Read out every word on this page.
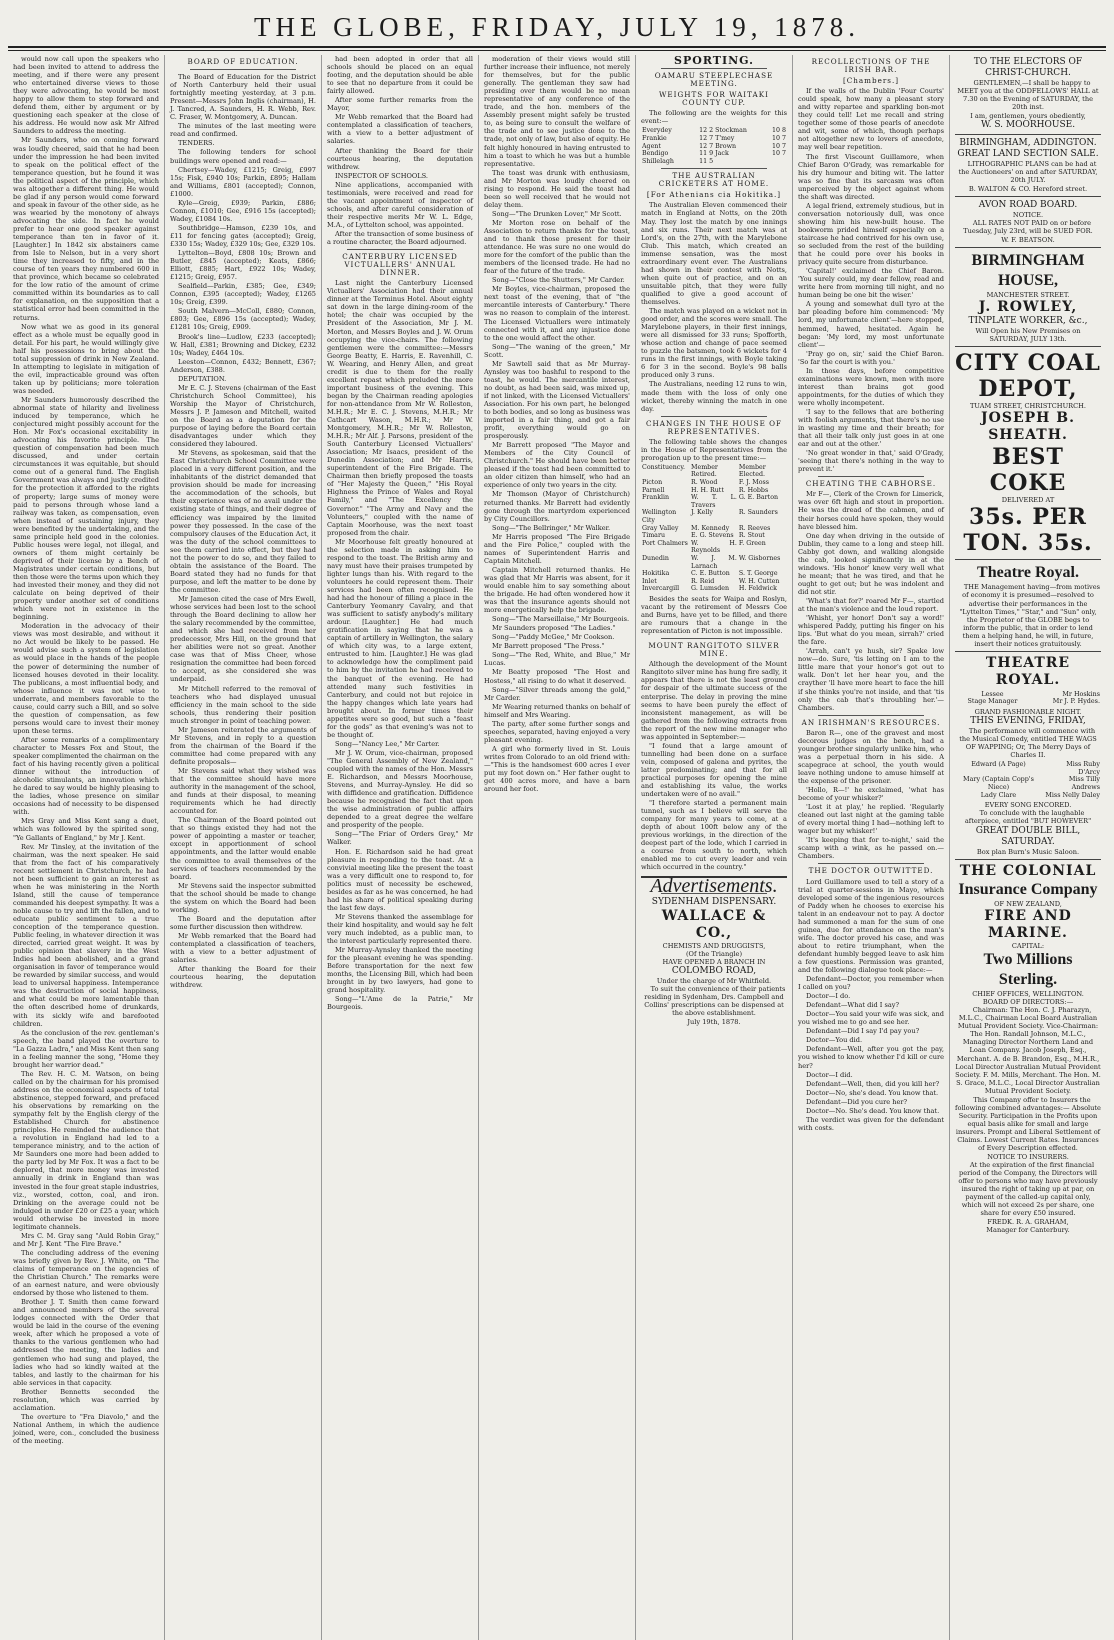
THE GLOBE, FRIDAY, JULY 19, 1878.

would now call upon the speakers who had been invited to attend to address the meeting, and if there were any present who entertained diverse views to those they were advocating, he would be most happy to allow them to step forward and defend them, either by argument or by questioning each speaker at the close of his address. He would now ask Mr Alfred Saunders to address the meeting.

Mr Saunders, who on coming forward was loudly cheered, said that he had been under the impression he had been invited to speak on the political effect of the temperance question, but he found it was the political aspect of the principle, which was altogether a different thing. He would be glad if any person would come forward and speak in favour of the other side, as he was wearied by the monotony of always advocating the side. In fact he would prefer to hear one good speaker against temperance than ten in favor of it. [Laughter.] In 1842 six abstainers came from Isle to Nelson, but in a very short time they increased to fifty, and in the course of ten years they numbered 600 in that province, which became so celebrated for the low ratio of the amount of crime committed within its boundaries as to call for explanation, on the supposition that a statistical error had been committed in the returns.

Now what we as good in its general effect as a whole must be equally good in detail. For his part, he would willingly give half his possessions to bring about the total suppression of drink in New Zealand. In attempting to legislate in mitigation of the evil, impracticable ground was often taken up by politicians; more toleration was needed.

Mr Saunders humorously described the abnormal state of hilarity and liveliness induced by temperance, which he conjectured might possibly account for the Hon. Mr Fox's occasional excitability in advocating his favorite principle. The question of compensation had been much discussed, and under certain circumstances it was equitable, but should come out of a general fund. The English Government was always and justly credited for the protection it afforded to the rights of property; large sums of money were paid to persons through whose land a railway was taken, as compensation, even when instead of sustaining injury, they were benefited by the undertaking, and the same principle held good in the colonies. Public houses were legal, not illegal, and owners of them might certainly be deprived of their license by a Bench of Magistrates under certain conditions, but then those were the terms upon which they had invested their money, and they did not calculate on being deprived of their property under another set of conditions which were not in existence in the beginning.

Moderation in the advocacy of their views was most desirable, and without it no Act would be likely to be passed. He would advise such a system of legislation as would place in the hands of the people the power of determining the number of licensed houses devoted in their locality. The publicans, a most influential body, and whose influence it was not wise to underrate, and members favorable to the cause, could carry such a Bill, and so solve the question of compensation, as few persons would care to invest their money upon these terms.

After some remarks of a complimentary character to Messrs Fox and Stout, the speaker complimented the chairman on the fact of his having recently given a political dinner without the introduction of alcoholic stimulants, an innovation which he dared to say would be highly pleasing to the ladies, whose presence on similar occasions had of necessity to be dispensed with.

Mrs Gray and Miss Kent sang a duet, which was followed by the spirited song, "Ye Gallants of England," by Mr J. Kent.

Rev. Mr Tinsley, at the invitation of the chairman, was the next speaker. He said that from the fact of his comparatively recent settlement in Christchurch, he had not been sufficient to gain an interest as when he was ministering in the North Island, still the cause of temperance commanded his deepest sympathy. It was a noble cause to try and lift the fallen, and to educate public sentiment to a true conception of the temperance question. Public feeling, in whatever direction it was directed, carried great weight. It was by public opinion that slavery in the West Indies had been abolished, and a grand organisation in favor of temperance would be rewarded by similar success, and would lead to universal happiness. Intemperance was the destruction of social happiness, and what could be more lamentable than the often described home of drunkards, with its sickly wife and barefooted children.

As the conclusion of the rev. gentleman's speech, the band played the overture to "La Gazza Ladra," and Miss Kent then sang in a feeling manner the song, "Home they brought her warrior dead."

The Rev. H. C. M. Watson, on being called on by the chairman for his promised address on the economical aspects of total abstinence, stepped forward, and prefaced his observations by remarking on the sympathy felt by the English clergy of the Established Church for abstinence principles. He reminded the audience that a revolution in England had led to a temperance ministry, and to the action of Mr Saunders one more had been added to the party led by Mr Fox. It was a fact to be deplored, that more money was invested annually in drink in England than was invested in the four great staple industries, viz., worsted, cotton, coal, and iron. Drinking on the average could not be indulged in under £20 or £25 a year, which would otherwise be invested in more legitimate channels.

Mrs C. M. Gray sang "Auld Robin Gray," and Mr J. Kent "The Fire Brave."

The concluding address of the evening was briefly given by Rev. J. White, on "The claims of temperance on the agencies of the Christian Church." The remarks were of an earnest nature, and were obviously endorsed by those who listened to them.

Brother J. T. Smith then came forward and announced members of the several lodges connected with the Order that would be laid in the course of the evening week, after which he proposed a vote of thanks to the various gentlemen who had addressed the meeting, the ladies and gentlemen who had sung and played, the ladies who had so kindly waited at the tables, and lastly to the chairman for his able services in that capacity.

Brother Bennetts seconded the resolution, which was carried by acclamation.

The overture to "Fra Diavolo," and the National Anthem, in which the audience joined, were, con., concluded the business of the meeting.

BOARD OF EDUCATION.

The Board of Education for the District of North Canterbury held their usual fortnightly meeting yesterday, at 3 p.m. Present—Messrs John Inglis (chairman), H. J. Tancred, A. Saunders, H. R. Webb, Rev. C. Fraser, W. Montgomery, A. Duncan.

The minutes of the last meeting were read and confirmed.

TENDERS.

The following tenders for school buildings were opened and read:—

Chertsey—Wadey, £1215; Greig, £997 15s; Fisk, £940 10s; Parkin, £895; Hallam and Williams, £801 (accepted); Connon, £1000.

Kyle—Greig, £939; Parkin, £886; Connon, £1010; Gee, £916 15s (accepted); Wadey, £1084 10s.

Southbridge—Hamson, £239 10s, and £11 for fencing gates (accepted); Greig, £330 15s; Wadey, £329 10s; Gee, £329 10s.

Lyttelton—Boyd, £808 10s; Brown and Butler, £845 (accepted); Keats, £866; Elliott, £885; Hart, £922 10s; Wadey, £1215; Greig, £957.

Sealfield—Parkin, £385; Gee, £349; Connon, £395 (accepted); Wadey, £1265 10s; Greig, £399.

South Malvern—McColl, £880; Connon, £803; Gee, £896 15s (accepted); Wadey, £1281 10s; Greig, £909.

Brook's line—Ludlow, £233 (accepted); W. Hall, £381; Browning and Dickey, £232 10s; Wadey, £464 10s.

Leeston—Connon, £432; Bennett, £367; Anderson, £388.

DEPUTATION.

Mr E. C. J. Stevens (chairman of the East Christchurch School Committee), his Worship the Mayor of Christchurch, Messrs J. P. Jameson and Mitchell, waited on the Board as a deputation for the purpose of laying before the Board certain disadvantages under which they considered they laboured.

Mr Stevens, as spokesman, said that the East Christchurch School Committee were placed in a very different position, and the inhabitants of the district demanded that provision should be made for increasing the accommodation of the schools, but their experience was of no avail under the existing state of things, and their degree of efficiency was impaired by the limited power they possessed. In the case of the compulsory clauses of the Education Act, it was the duty of the school committees to see them carried into effect, but they had not the power to do so, and they failed to obtain the assistance of the Board. The Board stated they had no funds for that purpose, and left the matter to be done by the committee.

Mr Jameson cited the case of Mrs Ewell, whose services had been lost to the school through the Board declining to allow her the salary recommended by the committee, and which she had received from her predecessor, Mrs Hill, on the ground that her abilities were not so great. Another case was that of Miss Cheer, whose resignation the committee had been forced to accept, as she considered she was underpaid.

Mr Mitchell referred to the removal of teachers who had displayed unusual efficiency in the main school to the side schools, thus rendering their position much stronger in point of teaching power.

Mr Jameson reiterated the arguments of Mr Stevens, and in reply to a question from the chairman of the Board if the committee had come prepared with any definite proposals—

Mr Stevens said what they wished was that the committee should have more authority in the management of the school, and funds at their disposal, to meaning requirements which he had directly accounted for.

The Chairman of the Board pointed out that so things existed they had not the power of appointing a master or teacher, except in apportionment of school appointments, and the latter would enable the committee to avail themselves of the services of teachers recommended by the board.

Mr Stevens said the inspector submitted that the school should be made to change the system on which the Board had been working.

The Board and the deputation after some further discussion then withdrew.

Mr Webb remarked that the Board had contemplated a classification of teachers, with a view to a better adjustment of salaries.

After thanking the Board for their courteous hearing, the deputation withdrew.

had been adopted in order that all schools should be placed on an equal footing, and the deputation should be able to see that no departure from it could be fairly allowed.

After some further remarks from the Mayor,

Mr Webb remarked that the Board had contemplated a classification of teachers, with a view to a better adjustment of salaries.

After thanking the Board for their courteous hearing, the deputation withdrew.

INSPECTOR OF SCHOOLS.

Nine applications, accompanied with testimonials, were received and read for the vacant appointment of inspector of schools, and after careful consideration of their respective merits Mr W. L. Edge, M.A., of Lyttelton school, was appointed.

After the transaction of some business of a routine character, the Board adjourned.

CANTERBURY LICENSED VICTUALLERS' ANNUAL DINNER.

Last night the Canterbury Licensed Victuallers' Association had their annual dinner at the Terminus Hotel. About eighty sat down in the large dining-room of the hotel; the chair was occupied by the President of the Association, Mr J. M. Morton, and Messrs Boyles and J. W. Orum occupying the vice-chairs. The following gentlemen were the committee:—Messrs George Beatty, E. Harris, E. Ravenhill, C. W. Wearing, and Henry Allen, and great credit is due to them for the really excellent repast which preluded the more important business of the evening. This began by the Chairman reading apologies for non-attendance from Mr W. Rolleston, M.H.R.; Mr E. C. J. Stevens, M.H.R.; Mr Cathcart Wason, M.H.R.; Mr W. Montgomery, M.H.R.; Mr W. Rolleston, M.H.R.; Mr Alf. J. Parsons, president of the South Canterbury Licensed Victuallers' Association; Mr Isaacs, president of the Dunedin Association; and Mr Harris, superintendent of the Fire Brigade. The Chairman then briefly proposed the toasts of "Her Majesty the Queen," "His Royal Highness the Prince of Wales and Royal Family," and "The Excellency the Governor." "The Army and Navy and the Volunteers," coupled with the name of Captain Moorhouse, was the next toast proposed from the chair.

Mr Moorhouse felt greatly honoured at the selection made in asking him to respond to the toast. The British army and navy must have their praises trumpeted by lighter lungs than his. With regard to the volunteers he could represent them. Their services had been often recognised. He had had the honour of filling a place in the Canterbury Yeomanry Cavalry, and that was sufficient to satisfy anybody's military ardour. [Laughter.] He had much gratification in saying that he was a captain of artillery in Wellington, the salary of which city was, to a large extent, entrusted to him. [Laughter.] He was glad to acknowledge how the compliment paid to him by the invitation he had received to the banquet of the evening. He had attended many such festivities in Canterbury, and could not but rejoice in the happy changes which late years had brought about. In former times their appetites were so good, but such a "feast for the gods" as that evening's was not to be thought of.

Song—"Nancy Lee," Mr Carter.

Mr J. W. Orum, vice-chairman, proposed "The General Assembly of New Zealand," coupled with the names of the Hon. Messrs E. Richardson, and Messrs Moorhouse, Stevens, and Murray-Aynsley. He did so with diffidence and gratification. Diffidence because he recognised the fact that upon the wise administration of public affairs depended to a great degree the welfare and prosperity of the people.

Song—"The Friar of Orders Grey," Mr Walker.

Hon. E. Richardson said he had great pleasure in responding to the toast. At a convivial meeting like the present the toast was a very difficult one to respond to, for politics must of necessity be eschewed, besides as far as he was concerned, he had had his share of political speaking during the last few days.

Mr Stevens thanked the assemblage for their kind hospitality, and would say he felt very much indebted, as a public man, to the interest particularly represented there.

Mr Murray-Aynsley thanked the meeting for the pleasant evening he was spending. Before transportation for the next few months, the Licensing Bill, which had been brought in by two lawyers, had gone to grand hospitality.

Song—"L'Ame de la Patrie," Mr Bourgeois.

moderation of their views would still further increase their influence, not merely for themselves, but for the public generally. The gentleman they saw had presiding over them would be no mean representative of any conference of the trade, and the hon. members of the Assembly present might safely be trusted to, as being sure to consult the welfare of the trade and to see justice done to the trade, not only of law, but also of equity. He felt highly honoured in having entrusted to him a toast to which he was but a humble representative.

The toast was drunk with enthusiasm, and Mr Morton was loudly cheered on rising to respond. He said the toast had been so well received that he would not delay them.

Song—"The Drunken Lover," Mr Scott.

Mr Morton rose on behalf of the Association to return thanks for the toast, and to thank those present for their attendance. He was sure no one would do more for the comfort of the public than the members of the licensed trade. He had no fear of the future of the trade.

Song—"Close the Shutters," Mr Carder.

Mr Boyles, vice-chairman, proposed the next toast of the evening, that of "the mercantile interests of Canterbury." There was no reason to complain of the interest. The Licensed Victuallers were intimately connected with it, and any injustice done to the one would affect the other.

Song—"The waning of the green," Mr Scott.

Mr Sawtell said that as Mr Murray-Aynsley was too bashful to respond to the toast, he would. The mercantile interest, no doubt, as had been said, was mixed up, if not linked, with the Licensed Victuallers' Association. For his own part, he belonged to both bodies, and so long as business was imported in a fair thing, and got a fair profit, everything would go on prosperously.

Mr Barrett proposed "The Mayor and Members of the City Council of Christchurch." He should have been better pleased if the toast had been committed to an older citizen than himself, who had an experience of only two years in the city.

Mr Thomson (Mayor of Christchurch) returned thanks. Mr Barrett had evidently gone through the martyrdom experienced by City Councillors.

Song—"The Bellringer," Mr Walker.

Mr Harris proposed "The Fire Brigade and the Fire Police," coupled with the names of Superintendent Harris and Captain Mitchell.

Captain Mitchell returned thanks. He was glad that Mr Harris was absent, for it would enable him to say something about the brigade. He had often wondered how it was that the insurance agents should not more energetically help the brigade.

Song—"The Marseillaise," Mr Bourgeois.

Mr Saunders proposed "The Ladies."

Song—"Paddy McGee," Mr Cookson.

Mr Barrett proposed "The Press."

Song—"The Red, White, and Blue," Mr Lucas.

Mr Beatty proposed "The Host and Hostess," all rising to do what it deserved.

Song—"Silver threads among the gold," Mr Carder.

Mr Wearing returned thanks on behalf of himself and Mrs Wearing.

The party, after some further songs and speeches, separated, having enjoyed a very pleasant evening.

A girl who formerly lived in St. Louis writes from Colorado to an old friend with:—"This is the handsomest 600 acres I ever put my foot down on." Her father ought to get 400 acres more, and have a barn around her foot.

SPORTING.
OAMARU STEEPLECHASE MEETING.
WEIGHTS FOR WAITAKI COUNTY CUP.

The following are the weights for this event:—

Everydey	12 2	Stockman	10 8
Frankie	12 7	T'mey	10 7
Agent	12 7	Brown	10 7
Bendigo	11 9	Jack	10 7
Shillelagh	11 5		
THE AUSTRALIAN CRICKETERS AT HOME.
[For Athenians cia Hokitika.]

The Australian Eleven commenced their match in England at Notts, on the 20th May. They lost the match by one innings and six runs. Their next match was at Lord's, on the 27th, with the Marylebone Club. This match, which created an immense sensation, was the most extraordinary event ever. The Australians had shown in their contest with Notts, when quite out of practice, and on an unsuitable pitch, that they were fully qualified to give a good account of themselves.

The match was played on a wicket not in good order, and the scores were small. The Marylebone players, in their first innings, were all dismissed for 33 runs; Spofforth, whose action and change of pace seemed to puzzle the batsmen, took 6 wickets for 4 runs in the first innings, with Boyle taking 6 for 3 in the second. Boyle's 98 balls produced only 3 runs.

The Australians, needing 12 runs to win, made them with the loss of only one wicket, thereby winning the match in one day.

CHANGES IN THE HOUSE OF REPRESENTATIVES.

The following table shows the changes in the House of Representatives from the prorogation up to the present time:—

Constituency.	Member Retired.	Member Elected.
Picton	R. Wood	F. J. Moss
Parnell	H. H. Rutt	R. Hobbs
Franklin	W. T. L. Travers	G. E. Barton
Wellington City	J. Kelly	R. Saunders
Gray Valley	M. Kennedy	R. Reeves
Timaru	E. G. Stevens	R. Stout
Port Chalmers	W. H. Reynolds	F. Green
Dunedin	W. J. M. Larnach	W. Gisbornes
Hokitika	C. E. Button	S. T. George
Inlet	R. Reid	W. H. Cutten
Invercargill	G. Lumsden	H. Feldwick

Besides the seats for Waipa and Roslyn, vacant by the retirement of Messrs Coe and Burns, have yet to be filled, and there are rumours that a change in the representation of Picton is not impossible.

MOUNT RANGITOTO SILVER MINE.

Although the development of the Mount Rangitoto silver mine has hung fire sadly, it appears that there is not the least ground for despair of the ultimate success of the enterprise. The delay in proving the mine seems to have been purely the effect of inconsistent management, as will be gathered from the following extracts from the report of the new mine manager who was appointed in September:—

"I found that a large amount of tunnelling had been done on a surface vein, composed of galena and pyrites, the latter predominating; and that for all practical purposes for opening the mine and establishing its value, the works undertaken were of no avail."

"I therefore started a permanent main tunnel, such as I believe will serve the company for many years to come, at a depth of about 100ft below any of the previous workings, in the direction of the deepest part of the lode, which I carried in a course from south to north, which enabled me to cut every leader and vein which occurred in the country."

Advertisements.
SYDENHAM DISPENSARY.
WALLACE & CO.,
CHEMISTS AND DRUGGISTS,
(Of the Triangle)
HAVE OPENED A BRANCH IN
COLOMBO ROAD,
Under the charge of Mr Whitfield.

To suit the convenience of their patients residing in Sydenham, Drs. Campbell and Collins' prescriptions can be dispensed at the above establishment.

July 19th, 1878.
RECOLLECTIONS OF THE IRISH BAR.
[Chambers.]

If the walls of the Dublin 'Four Courts' could speak, how many a pleasant story and witty repartee and sparkling bon-mot they could tell! Let me recall and string together some of those pearls of anecdote and wit, some of which, though perhaps not altogether new to lovers of anecdote, may well bear repetition.

The first Viscount Guillamore, when Chief Baron O'Grady, was remarkable for his dry humour and biting wit. The latter was so fine that its sarcasm was often unperceived by the object against whom the shaft was directed.

A legal friend, extremely studious, but in conversation notoriously dull, was once showing him his new-built house. The bookworm prided himself especially on a staircase he had contrived for his own use, so secluded from the rest of the building that he could pore over his books in privacy quite secure from disturbance.

'Capital!' exclaimed the Chief Baron. 'You surely could, my dear fellow, read and write here from morning till night, and no human being be one bit the wiser.'

A young and somewhat dull tyro at the bar pleading before him commenced: 'My lord, my unfortunate client'—here stopped, hemmed, hawed, hesitated. Again he began: 'My lord, my most unfortunate client'—

'Pray go on, sir,' said the Chief Baron. 'So far the court is with you.'

In those days, before competitive examinations were known, men with more interest than brains got good appointments, for the duties of which they were wholly incompetent.

'I say to the fellows that are bothering with foolish arguments, that there's no use in wasting my time and their breath; for that all their talk only just goes in at one ear and out at the other.'

'No great wonder in that,' said O'Grady, 'seeing that there's nothing in the way to prevent it.'

CHEATING THE CABHORSE.

Mr F—, Clerk of the Crown for Limerick, was over 6ft high and stout in proportion. He was the dread of the cabmen, and of their horses could have spoken, they would have blessed him.

One day when driving in the outside of Dublin, they came to a long and steep hill. Cabby got down, and walking alongside the cab, looked significantly in at the windows. 'His honor' knew very well what he meant; that he was tired, and that he ought to get out; but he was indolent and did not stir.

'What's that for?' roared Mr F—, startled at the man's violence and the loud report.

'Whisht, yer honor! Don't say a word!' whispered Paddy, putting his finger on his lips. 'But what do you mean, sirrah?' cried the fare.

'Arrah, can't ye hush, sir? Spake low now—do. Sure, 'tis letting on I am to the little mare that your honor's got out to walk. Don't let her hear you, and the crayther 'll have more heart to face the hill if she thinks you're not inside, and that 'tis only the cab that's throubling her.'—Chambers.

AN IRISHMAN'S RESOURCES.

Baron R—, one of the gravest and most decorous judges on the bench, had a younger brother singularly unlike him, who was a perpetual thorn in his side. A scapegrace at school, the youth would leave nothing undone to amuse himself at the expense of the prisoner.

'Hollo, R—!' he exclaimed, 'what has become of your whisker?'

'Lost it at play,' he replied. 'Regularly cleaned out last night at the gaming table of every mortal thing I had—nothing left to wager but my whisker!'

'It's keeping that for to-night,' said the scamp with a wink, as he passed on.—Chambers.

THE DOCTOR OUTWITTED.

Lord Guillamore used to tell a story of a trial at quarter-sessions in Mayo, which developed some of the ingenious resources of Paddy when he chooses to exercise his talent in an endeavour not to pay. A doctor had summoned a man for the sum of one guinea, due for attendance on the man's wife. The doctor proved his case, and was about to retire triumphant, when the defendant humbly begged leave to ask him a few questions. Permission was granted, and the following dialogue took place:—

Defendant—Doctor, you remember when I called on you?

Doctor—I do.

Defendant—What did I say?

Doctor—You said your wife was sick, and you wished me to go and see her.

Defendant—Did I say I'd pay you?

Doctor—You did.

Defendant—Well, after you got the pay, you wished to know whether I'd kill or cure her?

Doctor—I did.

Defendant—Well, then, did you kill her?

Doctor—No, she's dead. You know that.

Defendant—Did you cure her?

Doctor—No. She's dead. You know that.

The verdict was given for the defendant with costs.

TO THE ELECTORS OF CHRIST-CHURCH.

GENTLEMEN,—I shall be happy to MEET you at the ODDFELLOWS' HALL at 7.30 on the Evening of SATURDAY, the 20th inst.

I am, gentlemen, yours obediently,
W. S. MOORHOUSE.
BIRMINGHAM, ADDINGTON.
GREAT LAND SECTION SALE.

LITHOGRAPHIC PLANS can be had at the Auctioneers' on and after SATURDAY, 20th JULY.

B. WALTON & CO. Hereford street.
AVON ROAD BOARD.
NOTICE.

ALL RATES NOT PAID on or before Tuesday, July 23rd, will be SUED FOR.

W. F. BEATSON.
BIRMINGHAM HOUSE,
MANCHESTER STREET.
J. ROWLEY,
TINPLATE WORKER, &c.,
Will Open his New Premises on SATURDAY, JULY 13th.
CITY COAL DEPOT,
TUAM STREET, CHRISTCHURCH.
JOSEPH B. SHEATH.
BEST COKE
DELIVERED AT
35s. PER TON. 35s.
Theatre Royal.

THE Management having—from motives of economy it is presumed—resolved to advertise their performances in the "Lyttelton Times," "Star," and "Sun" only, the Proprietor of the GLOBE begs to inform the public, that in order to lend them a helping hand, he will, in future, insert their notices gratuitously.

THEATRE ROYAL.
Lessee	Mr Hoskins
Stage Manager	Mr J. P. Hydes.
GRAND FASHIONABLE NIGHT.
THIS EVENING, FRIDAY,

The performance will commence with the Musical Comedy, entitled THE WAGS OF WAPPING; Or, The Merry Days of Charles II.

Edward (A Page)	Miss Ruby D'Arcy
Mary (Captain Copp's Niece)	Miss Tilly Andrews
Lady Clare	Miss Nelly Daley
EVERY SONG ENCORED.

To conclude with the laughable afterpiece, entitled "BUT HOWEVER"

GREAT DOUBLE BILL, SATURDAY.
Box plan Burn's Music Saloon.
THE COLONIAL
Insurance Company
OF NEW ZEALAND,
FIRE AND MARINE.
CAPITAL:
Two Millions Sterling.
CHIEF OFFICES, WELLINGTON.
BOARD OF DIRECTORS:—

Chairman: The Hon. C. J. Pharazyn, M.L.C., Chairman Local Board Australian Mutual Provident Society. Vice-Chairman: The Hon. Randall Johnson, M.L.C., Managing Director Northern Land and Loan Company. Jacob Joseph, Esq., Merchant. A. de B. Brandon, Esq., M.H.R., Local Director Australian Mutual Provident Society. F. M. Mills, Merchant. The Hon. M. S. Grace, M.L.C., Local Director Australian Mutual Provident Society.

This Company offer to Insurers the following combined advantages:— Absolute Security. Participation in the Profits upon equal basis alike for small and large insurers. Prompt and Liberal Settlement of Claims. Lowest Current Rates. Insurances of Every Description effected.

NOTICE TO INSURERS.

At the expiration of the first financial period of the Company, the Directors will offer to persons who may have previously insured the right of taking up at par, on payment of the called-up capital only, which will not exceed 2s per share, one share for every £50 insured.

FREDK. R. A. GRAHAM,
Manager for Canterbury.
